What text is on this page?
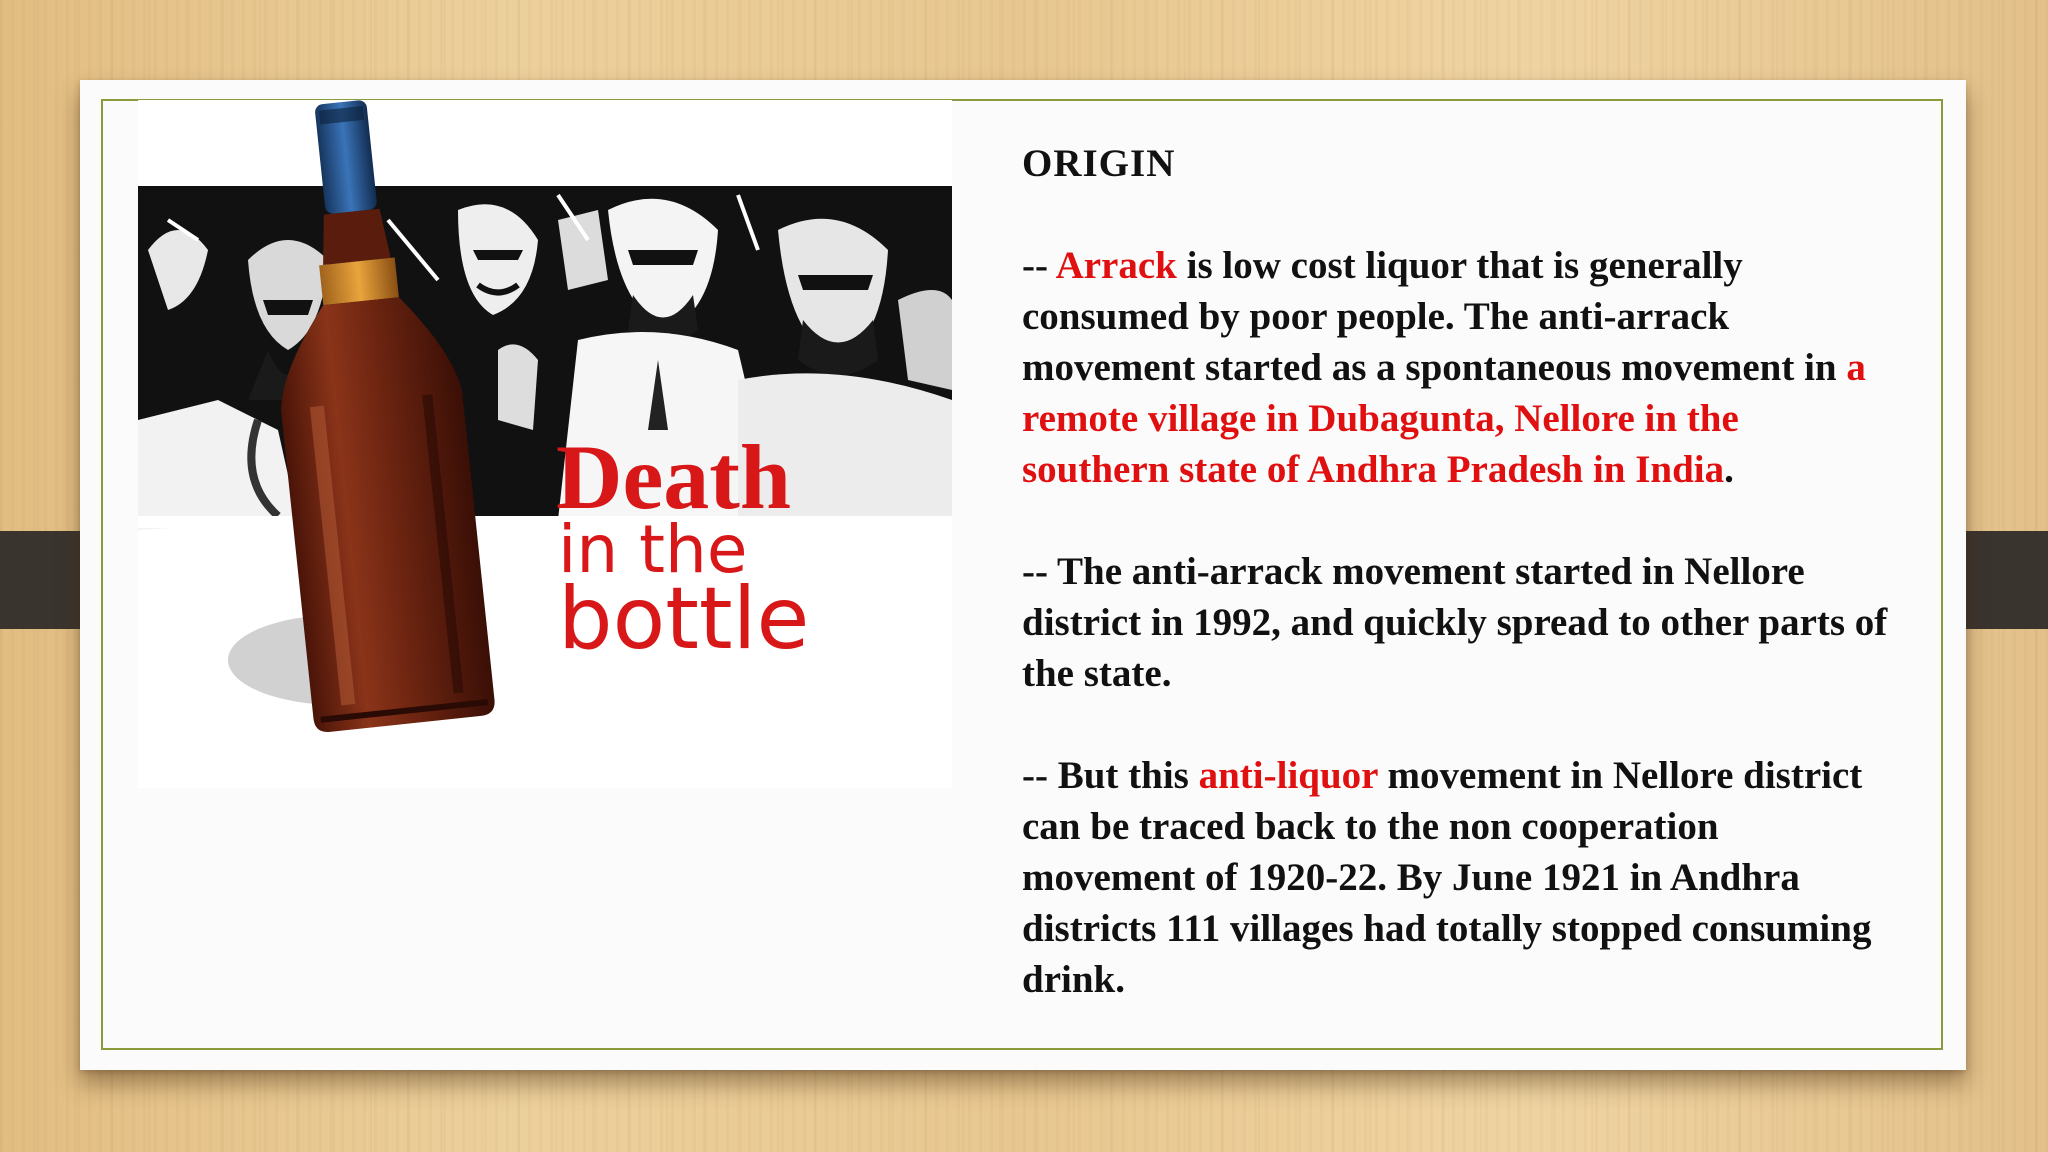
Death
in the
bottle

ORIGIN

-- Arrack is low cost liquor that is generally

consumed by poor people. The anti-arrack

movement started as a spontaneous movement in a

remote village in Dubagunta, Nellore in the

southern state of Andhra Pradesh in India.

-- The anti-arrack movement started in Nellore

district in 1992, and quickly spread to other parts of

the state.

-- But this anti-liquor movement in Nellore district

can be traced back to the non cooperation

movement of 1920-22. By June 1921 in Andhra

districts 111 villages had totally stopped consuming

drink.
